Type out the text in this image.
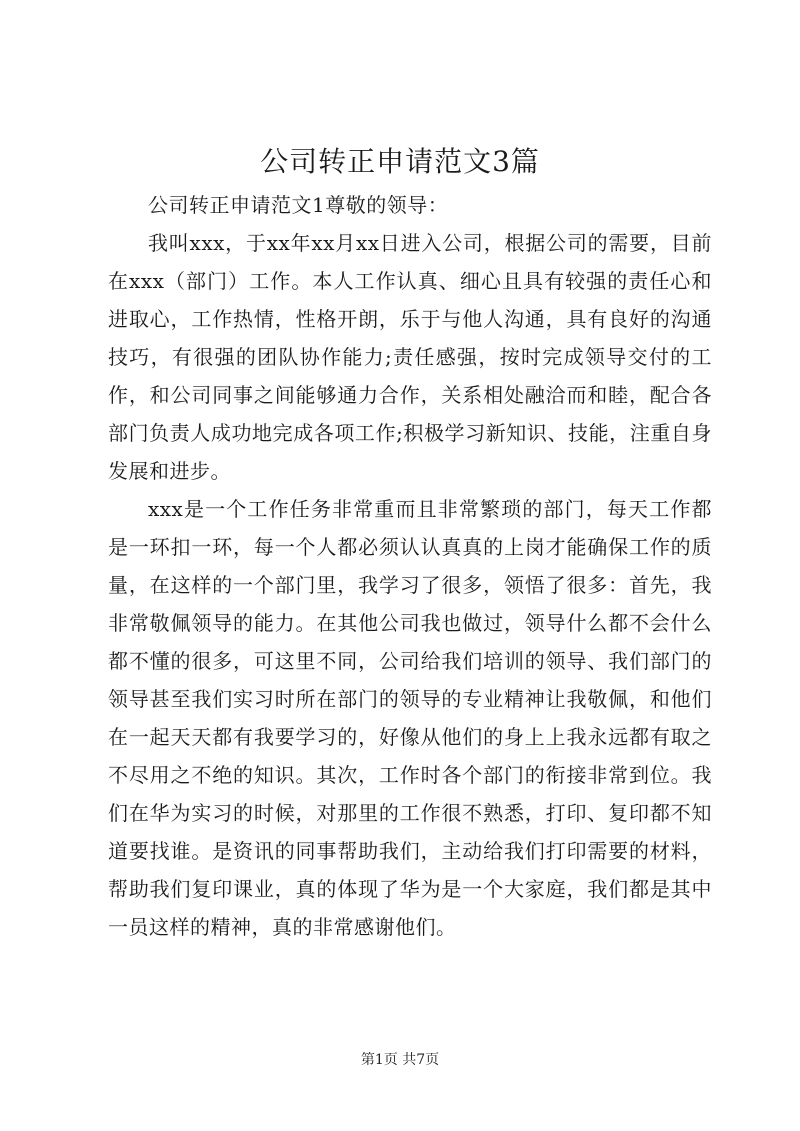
公司转正申请范文3篇

公司转正申请范文1尊敬的领导：

我叫xxx，于xx年xx月xx日进入公司，根据公司的需要，目前在xxx（部门）工作。本人工作认真、细心且具有较强的责任心和进取心，工作热情，性格开朗，乐于与他人沟通，具有良好的沟通技巧，有很强的团队协作能力;责任感强，按时完成领导交付的工作，和公司同事之间能够通力合作，关系相处融洽而和睦，配合各部门负责人成功地完成各项工作;积极学习新知识、技能，注重自身发展和进步。

xxx是一个工作任务非常重而且非常繁琐的部门，每天工作都是一环扣一环，每一个人都必须认认真真的上岗才能确保工作的质量，在这样的一个部门里，我学习了很多，领悟了很多：首先，我非常敬佩领导的能力。在其他公司我也做过，领导什么都不会什么都不懂的很多，可这里不同，公司给我们培训的领导、我们部门的领导甚至我们实习时所在部门的领导的专业精神让我敬佩，和他们在一起天天都有我要学习的，好像从他们的身上上我永远都有取之不尽用之不绝的知识。其次，工作时各个部门的衔接非常到位。我们在华为实习的时候，对那里的工作很不熟悉，打印、复印都不知道要找谁。是资讯的同事帮助我们，主动给我们打印需要的材料，帮助我们复印课业，真的体现了华为是一个大家庭，我们都是其中一员这样的精神，真的非常感谢他们。

第1页 共7页
